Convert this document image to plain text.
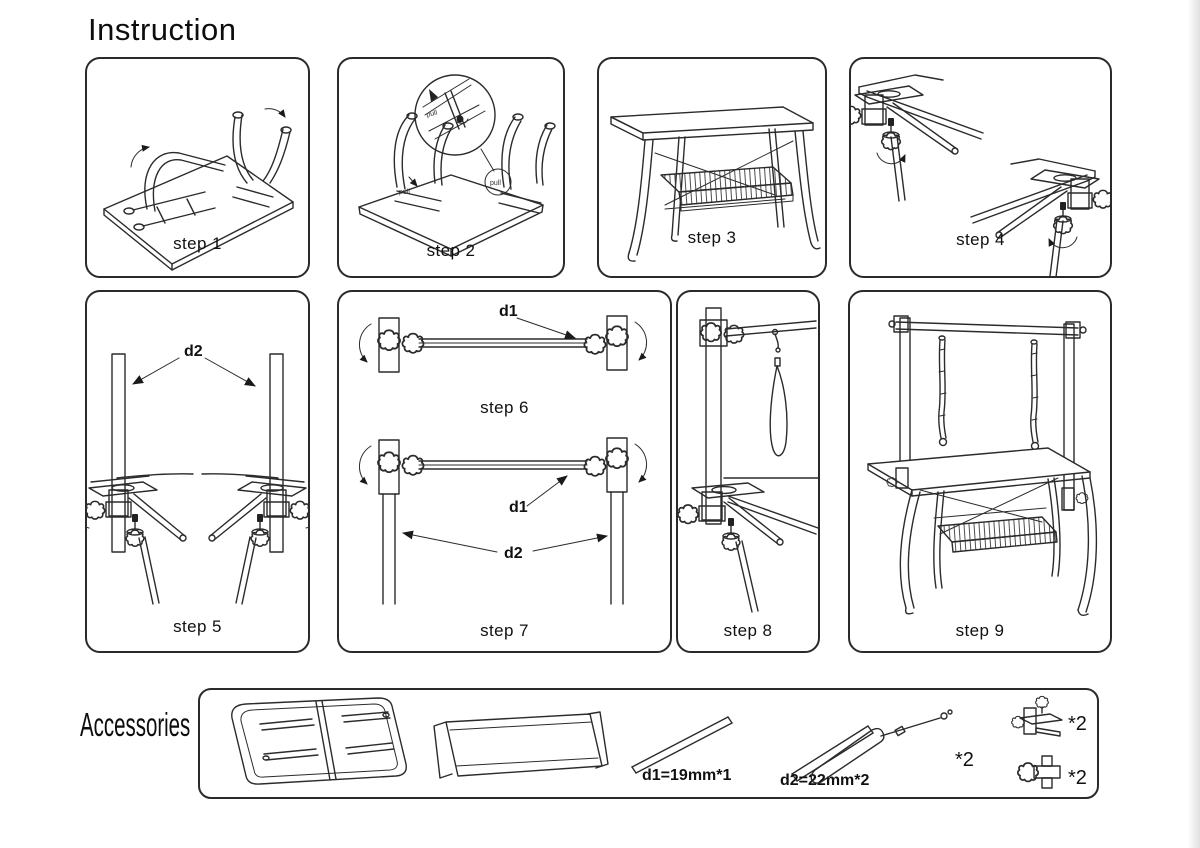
Instruction
step 1
pull
pull
pull
step 2
step 3	step 4
d2
step 5
d1
d1
d2
step 6
step 7	step 8	step 9
Accessories
d1=19mm*1	d2=22mm*2
*2
*2
*2
